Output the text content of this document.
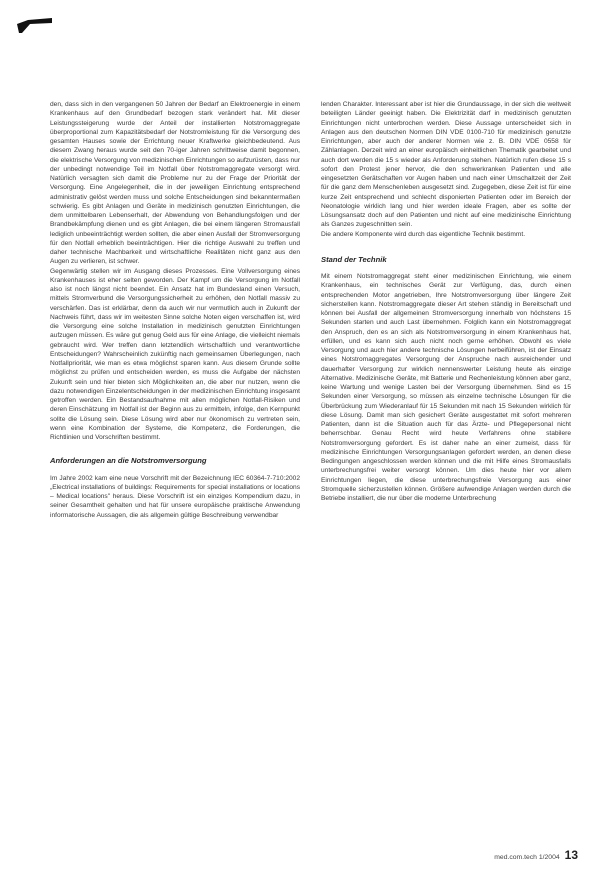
den, dass sich in den vergangenen 50 Jahren der Bedarf an Elektroenergie in einem Krankenhaus auf den Grundbedarf bezogen stark verändert hat. Mit dieser Leistungssteigerung wurde der Anteil der installierten Notstromaggregate überproportional zum Kapazitätsbedarf der Notstromleistung für die Versorgung des gesamten Hauses sowie der Errichtung neuer Kraftwerke gleichbedeutend. Aus diesem Zwang heraus wurde seit den 70-iger Jahren schrittweise damit begonnen, die elektrische Versorgung von medizinischen Einrichtungen so aufzurüsten, dass nur der unbedingt notwendige Teil im Notfall über Notstromaggregate versorgt wird. Natürlich versagten sich damit die Probleme nur zu der Frage der Priorität der Versorgung. Eine Angelegenheit, die in der jeweiligen Einrichtung entsprechend administrativ gelöst werden muss und solche Entscheidungen sind bekanntermaßen schwierig. Es gibt Anlagen und Geräte in medizinisch genutzten Einrichtungen, die dem unmittelbaren Lebenserhalt, der Abwendung von Behandlungsfolgen und der Brandbekämpfung dienen und es gibt Anlagen, die bei einem längeren Stromausfall lediglich unbeeinträchtigt werden sollten, die aber einen Ausfall der Stromversorgung für den Notfall erheblich beeinträchtigen. Hier die richtige Auswahl zu treffen und daher technische Machbarkeit und wirtschaftliche Realitäten nicht ganz aus den Augen zu verlieren, ist schwer.

Gegenwärtig stellen wir im Ausgang dieses Prozesses. Eine Vollversorgung eines Krankenhauses ist eher selten geworden. Der Kampf um die Versorgung im Notfall also ist noch längst nicht beendet. Ein Ansatz hat im Bundesland einen Versuch, mittels Stromverbund die Versorgungssicherheit zu erhöhen, den Notfall massiv zu verschärfen. Das ist erklärbar, denn da auch wir nur vermutlich auch in Zukunft der Nachweis führt, dass wir im weitesten Sinne solche Noten eigen verschaffen ist, wird die Versorgung eine solche Installation in medizinisch genutzten Einrichtungen aufzugen müssen. Es wäre gut genug Geld aus für eine Anlage, die vielleicht niemals gebraucht wird. Wer treffen dann letztendlich wirtschaftlich und verantwortliche Entscheidungen? Wahrscheinlich zukünftig nach gemeinsamen Überlegungen, nach Notfallpriorität, wie man es etwa möglichst sparen kann. Aus diesem Grunde sollte möglichst zu prüfen und entscheiden werden, es muss die Aufgabe der nächsten Zukunft sein und hier bieten sich Möglichkeiten an, die aber nur nutzen, wenn die dazu notwendigen Einzelentscheidungen in der medizinischen Einrichtung insgesamt getroffen werden. Ein Bestandsaufnahme mit allen möglichen Notfall-Risiken und deren Einschätzung im Notfall ist der Beginn aus zu ermitteln, infolge, den Kernpunkt sollte die Lösung sein. Diese Lösung wird aber nur ökonomisch zu vertreten sein, wenn eine Kombination der Systeme, die Kompetenz, die Forderungen, die Richtlinien und Vorschriften bestimmt.

Anforderungen an die Notstromversorgung

Im Jahre 2002 kam eine neue Vorschrift mit der Bezeichnung IEC 60364-7-710:2002 „Electrical installations of buildings: Requirements for special installations or locations – Medical locations" heraus. Diese Vorschrift ist ein einziges Kompendium dazu, in seiner Gesamtheit gehalten und hat für unsere europäische praktische Anwendung informatorische Aussagen, die als allgemein gültige Beschreibung verwendbar

lenden Charakter. Interessant aber ist hier die Grundaussage, in der sich die weltweit beteiligten Länder geeinigt haben. Die Elektrizität darf in medizinisch genutzten Einrichtungen nicht unterbrochen werden. Diese Aussage unterscheidet sich in Anlagen aus den deutschen Normen DIN VDE 0100-710 für medizinisch genutzte Einrichtungen, aber auch der anderer Normen wie z. B. DIN VDE 0558 für Zählanlagen. Derzeit wird an einer europäisch einheitlichen Thematik gearbeitet und auch dort werden die 15 s wieder als Anforderung stehen. Natürlich rufen diese 15 s sofort den Protest jener hervor, die den schwerkranken Patienten und alle eingesetzten Gerätschaften vor Augen haben und nach einer Umschaltzeit der Zeit für die ganz dem Menschenleben ausgesetzt sind. Zugegeben, diese Zeit ist für eine kurze Zeit entsprechend und schlecht disponierten Patienten oder im Bereich der Neonatologie wirklich lang und hier werden ideale Fragen, aber es sollte der Lösungsansatz doch auf den Patienten und nicht auf eine medizinische Einrichtung als Ganzes zugeschnitten sein.

Die andere Komponente wird durch das eigentliche Technik bestimmt.

Stand der Technik

Mit einem Notstromaggregat steht einer medizinischen Einrichtung, wie einem Krankenhaus, ein technisches Gerät zur Verfügung, das, durch einen entsprechenden Motor angetrieben, Ihre Notstromversorgung über längere Zeit sicherstellen kann. Notstromaggregate dieser Art stehen ständig in Bereitschaft und können bei Ausfall der allgemeinen Stromversorgung innerhalb von höchstens 15 Sekunden starten und auch Last übernehmen. Folglich kann ein Notstromaggregat den Anspruch, den es an sich als Notstromversorgung in einem Krankenhaus hat, erfüllen, und es kann sich auch nicht noch gerne erhöhen. Obwohl es viele Versorgung und auch hier andere technische Lösungen herbeiführen, ist der Einsatz eines Notstromaggregates Versorgung der Anspruche nach ausreichender und dauerhafter Versorgung zur wirklich nennenswerter Leistung heute als einzige Alternative. Medizinische Geräte, mit Batterie und Rechenleistung können aber ganz, keine Wartung und wenige Lasten bei der Versorgung übernehmen. Sind es 15 Sekunden einer Versorgung, so müssen als einzelne technische Lösungen für die Überbrückung zum Wiederanlauf für 15 Sekunden mit nach 15 Sekunden wirklich für diese Lösung. Damit man sich gesichert Geräte ausgestattet mit sofort mehreren Patienten, dann ist die Situation auch für das Ärzte- und Pflegepersonal nicht beherrschbar. Genau Recht wird heute Verfahrens ohne stabilere Notstromversorgung gefordert. Es ist daher nahe an einer zumeist, dass für medizinische Einrichtungen Versorgungsanlagen gefordert werden, an denen diese Bedingungen angeschlossen werden können und die mit Hilfe eines Stromausfalls unterbrechungsfrei weiter versorgt können. Um dies heute hier vor allem Einrichtungen liegen, die diese unterbrechungsfreie Versorgung aus einer Stromquelle sicherzustellen können. Größere aufwendige Anlagen werden durch die Betriebe installiert, die nur über die moderne Unterbrechung

med.com.tech 1/2004 13
